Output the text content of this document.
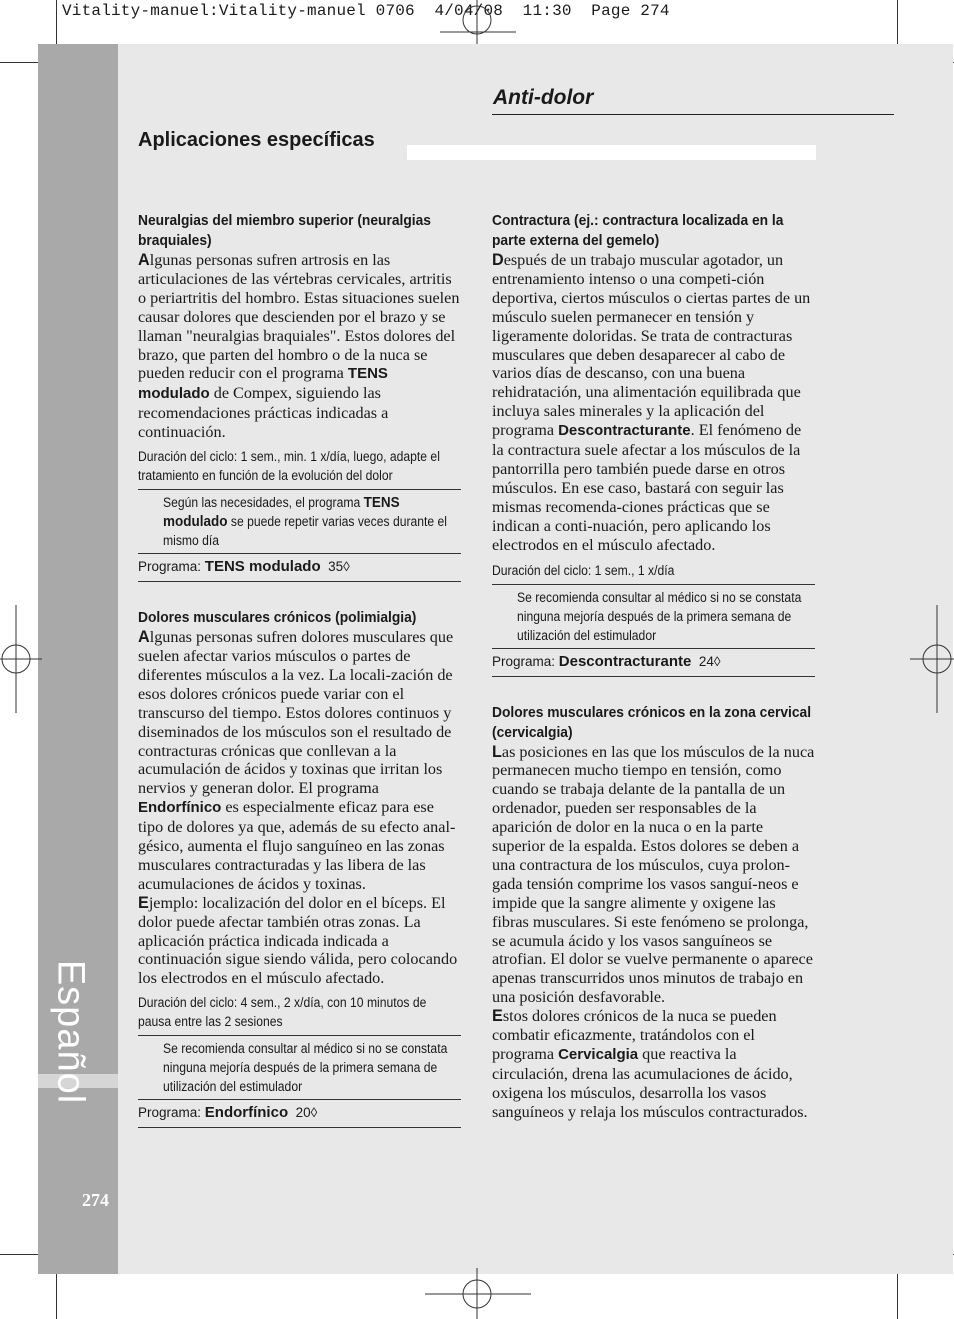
Vitality-manuel:Vitality-manuel 0706  4/04/08  11:30  Page 274
Español
274
Anti-dolor
Aplicaciones específicas
Neuralgias del miembro superior (neuralgias braquiales)

Algunas personas sufren artrosis en las articulaciones de las vértebras cervicales, artritis o periartritis del hombro. Estas situaciones suelen causar dolores que descienden por el brazo y se llaman "neuralgias braquiales". Estos dolores del brazo, que parten del hombro o de la nuca se pueden reducir con el programa TENS modulado de Compex, siguiendo las recomendaciones prácticas indicadas a continuación.

Duración del ciclo: 1 sem., min. 1 x/día, luego, adapte el tratamiento en función de la evolución del dolor

Según las necesidades, el programa TENS modulado se puede repetir varias veces durante el mismo día

Programa: TENS modulado 35◊
Dolores musculares crónicos (polimialgia)

Algunas personas sufren dolores musculares que suelen afectar varios músculos o partes de diferentes músculos a la vez. La locali-zación de esos dolores crónicos puede variar con el transcurso del tiempo. Estos dolores continuos y diseminados de los músculos son el resultado de contracturas crónicas que conllevan a la acumulación de ácidos y toxinas que irritan los nervios y generan dolor. El programa Endorfínico es especialmente eficaz para ese tipo de dolores ya que, además de su efecto anal-gésico, aumenta el flujo sanguíneo en las zonas musculares contracturadas y las libera de las acumulaciones de ácidos y toxinas.
Ejemplo: localización del dolor en el bíceps. El dolor puede afectar también otras zonas. La aplicación práctica indicada indicada a continuación sigue siendo válida, pero colocando los electrodos en el músculo afectado.

Duración del ciclo: 4 sem., 2 x/día, con 10 minutos de pausa entre las 2 sesiones

Se recomienda consultar al médico si no se constata ninguna mejoría después de la primera semana de utilización del estimulador

Programa: Endorfínico 20◊
Contractura (ej.: contractura localizada en la parte externa del gemelo)

Después de un trabajo muscular agotador, un entrenamiento intenso o una competi-ción deportiva, ciertos músculos o ciertas partes de un músculo suelen permanecer en tensión y ligeramente doloridas. Se trata de contracturas musculares que deben desaparecer al cabo de varios días de descanso, con una buena rehidratación, una alimentación equilibrada que incluya sales minerales y la aplicación del programa Descontracturante. El fenómeno de la contractura suele afectar a los músculos de la pantorrilla pero también puede darse en otros músculos. En ese caso, bastará con seguir las mismas recomenda-ciones prácticas que se indican a conti-nuación, pero aplicando los electrodos en el músculo afectado.

Duración del ciclo: 1 sem., 1 x/día

Se recomienda consultar al médico si no se constata ninguna mejoría después de la primera semana de utilización del estimulador

Programa: Descontracturante 24◊
Dolores musculares crónicos en la zona cervical (cervicalgia)

Las posiciones en las que los músculos de la nuca permanecen mucho tiempo en tensión, como cuando se trabaja delante de la pantalla de un ordenador, pueden ser responsables de la aparición de dolor en la nuca o en la parte superior de la espalda. Estos dolores se deben a una contractura de los músculos, cuya prolon-gada tensión comprime los vasos sanguí-neos e impide que la sangre alimente y oxigene las fibras musculares. Si este fenómeno se prolonga, se acumula ácido y los vasos sanguíneos se atrofian. El dolor se vuelve permanente o aparece apenas transcurridos unos minutos de trabajo en una posición desfavorable.
Estos dolores crónicos de la nuca se pueden combatir eficazmente, tratándolos con el programa Cervicalgia que reactiva la circulación, drena las acumulaciones de ácido, oxigena los músculos, desarrolla los vasos sanguíneos y relaja los músculos contracturados.
